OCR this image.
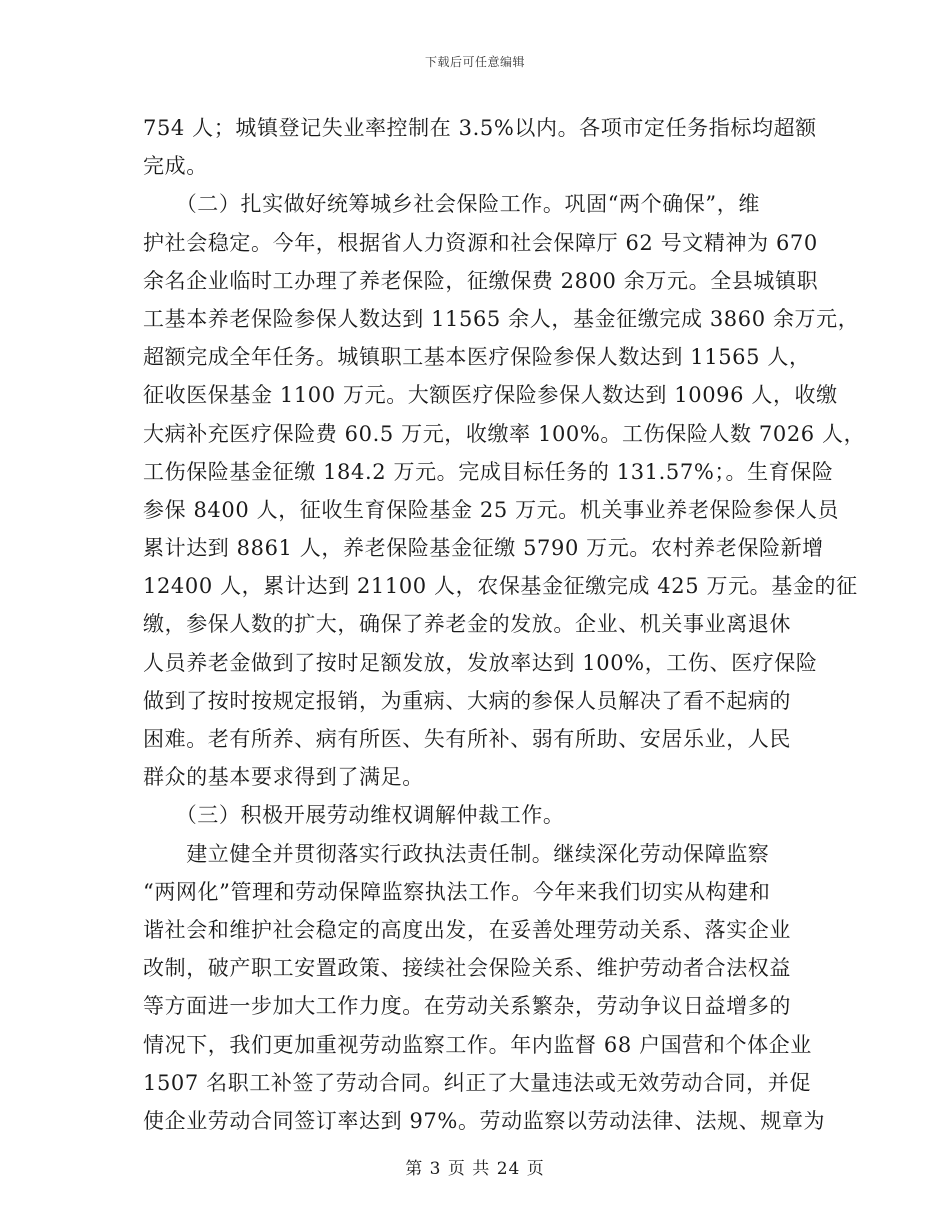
下载后可任意编辑
754 人；城镇登记失业率控制在 3.5%以内。各项市定任务指标均超额
完成。
　　（二）扎实做好统筹城乡社会保险工作。巩固“两个确保”，维
护社会稳定。今年，根据省人力资源和社会保障厅 62 号文精神为 670
余名企业临时工办理了养老保险，征缴保费 2800 余万元。全县城镇职
工基本养老保险参保人数达到 11565 余人，基金征缴完成 3860 余万元，
超额完成全年任务。城镇职工基本医疗保险参保人数达到 11565 人，
征收医保基金 1100 万元。大额医疗保险参保人数达到 10096 人，收缴
大病补充医疗保险费 60.5 万元，收缴率 100%。工伤保险人数 7026 人，
工伤保险基金征缴 184.2 万元。完成目标任务的 131.57%；。生育保险
参保 8400 人，征收生育保险基金 25 万元。机关事业养老保险参保人员
累计达到 8861 人，养老保险基金征缴 5790 万元。农村养老保险新增
12400 人，累计达到 21100 人，农保基金征缴完成 425 万元。基金的征
缴，参保人数的扩大，确保了养老金的发放。企业、机关事业离退休
人员养老金做到了按时足额发放，发放率达到 100%，工伤、医疗保险
做到了按时按规定报销，为重病、大病的参保人员解决了看不起病的
困难。老有所养、病有所医、失有所补、弱有所助、安居乐业，人民
群众的基本要求得到了满足。
　　（三）积极开展劳动维权调解仲裁工作。
　　建立健全并贯彻落实行政执法责任制。继续深化劳动保障监察
“两网化”管理和劳动保障监察执法工作。今年来我们切实从构建和
谐社会和维护社会稳定的高度出发，在妥善处理劳动关系、落实企业
改制，破产职工安置政策、接续社会保险关系、维护劳动者合法权益
等方面进一步加大工作力度。在劳动关系繁杂，劳动争议日益增多的
情况下，我们更加重视劳动监察工作。年内监督 68 户国营和个体企业
1507 名职工补签了劳动合同。纠正了大量违法或无效劳动合同，并促
使企业劳动合同签订率达到 97%。劳动监察以劳动法律、法规、规章为
第 3 页 共 24 页
